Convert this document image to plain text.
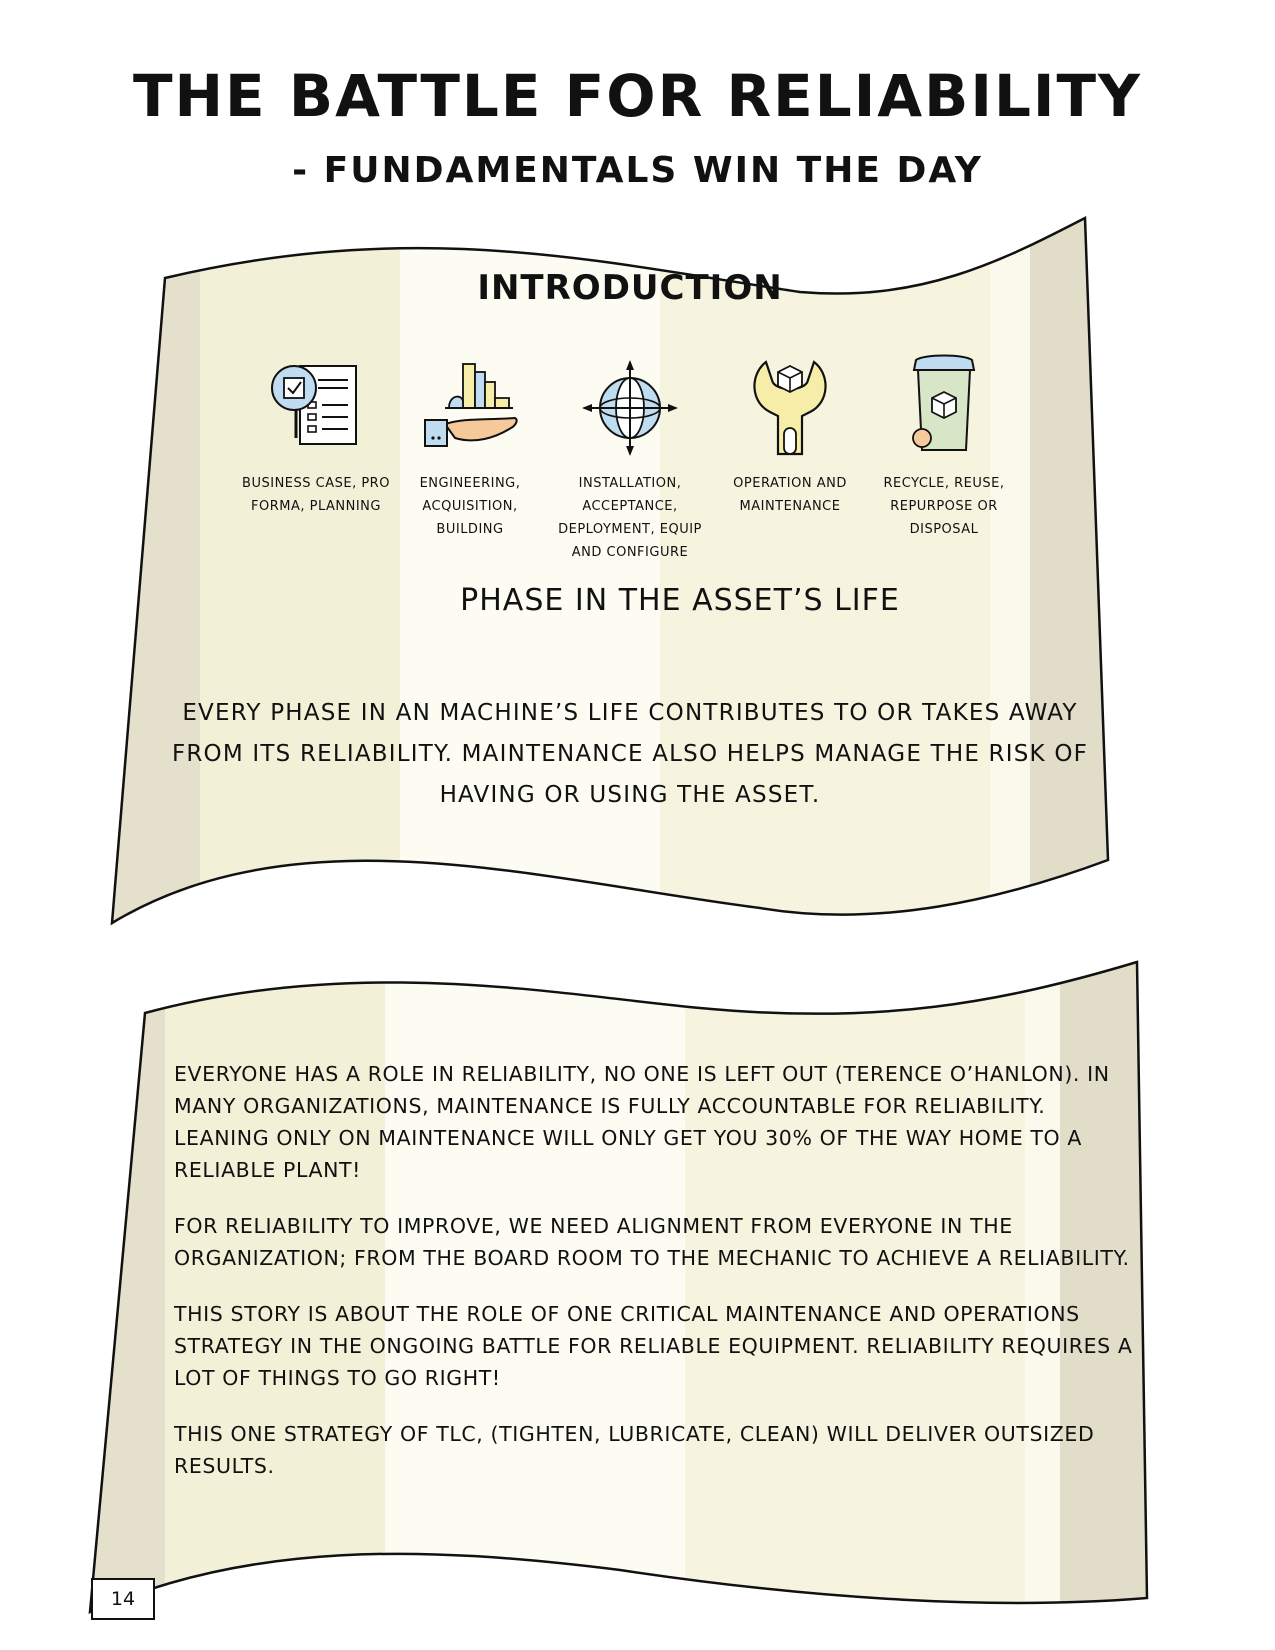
THE BATTLE FOR RELIABILITY
- FUNDAMENTALS WIN THE DAY
INTRODUCTION
BUSINESS CASE, PRO FORMA, PLANNING
ENGINEERING, ACQUISITION, BUILDING
INSTALLATION, ACCEPTANCE, DEPLOYMENT, EQUIP AND CONFIGURE
OPERATION AND MAINTENANCE
RECYCLE, REUSE, REPURPOSE OR DISPOSAL
PHASE IN THE ASSET’S LIFE

EVERY PHASE IN AN MACHINE’S LIFE CONTRIBUTES TO OR TAKES AWAY FROM ITS RELIABILITY. MAINTENANCE ALSO HELPS MANAGE THE RISK OF HAVING OR USING THE ASSET.

EVERYONE HAS A ROLE IN RELIABILITY, NO ONE IS LEFT OUT (TERENCE O’HANLON). IN MANY ORGANIZATIONS, MAINTENANCE IS FULLY ACCOUNTABLE FOR RELIABILITY. LEANING ONLY ON MAINTENANCE WILL ONLY GET YOU 30% OF THE WAY HOME TO A RELIABLE PLANT!

FOR RELIABILITY TO IMPROVE, WE NEED ALIGNMENT FROM EVERYONE IN THE ORGANIZATION; FROM THE BOARD ROOM TO THE MECHANIC TO ACHIEVE A RELIABILITY.

THIS STORY IS ABOUT THE ROLE OF ONE CRITICAL MAINTENANCE AND OPERATIONS STRATEGY IN THE ONGOING BATTLE FOR RELIABLE EQUIPMENT. RELIABILITY REQUIRES A LOT OF THINGS TO GO RIGHT!

THIS ONE STRATEGY OF TLC, (TIGHTEN, LUBRICATE, CLEAN) WILL DELIVER OUTSIZED RESULTS.

14
